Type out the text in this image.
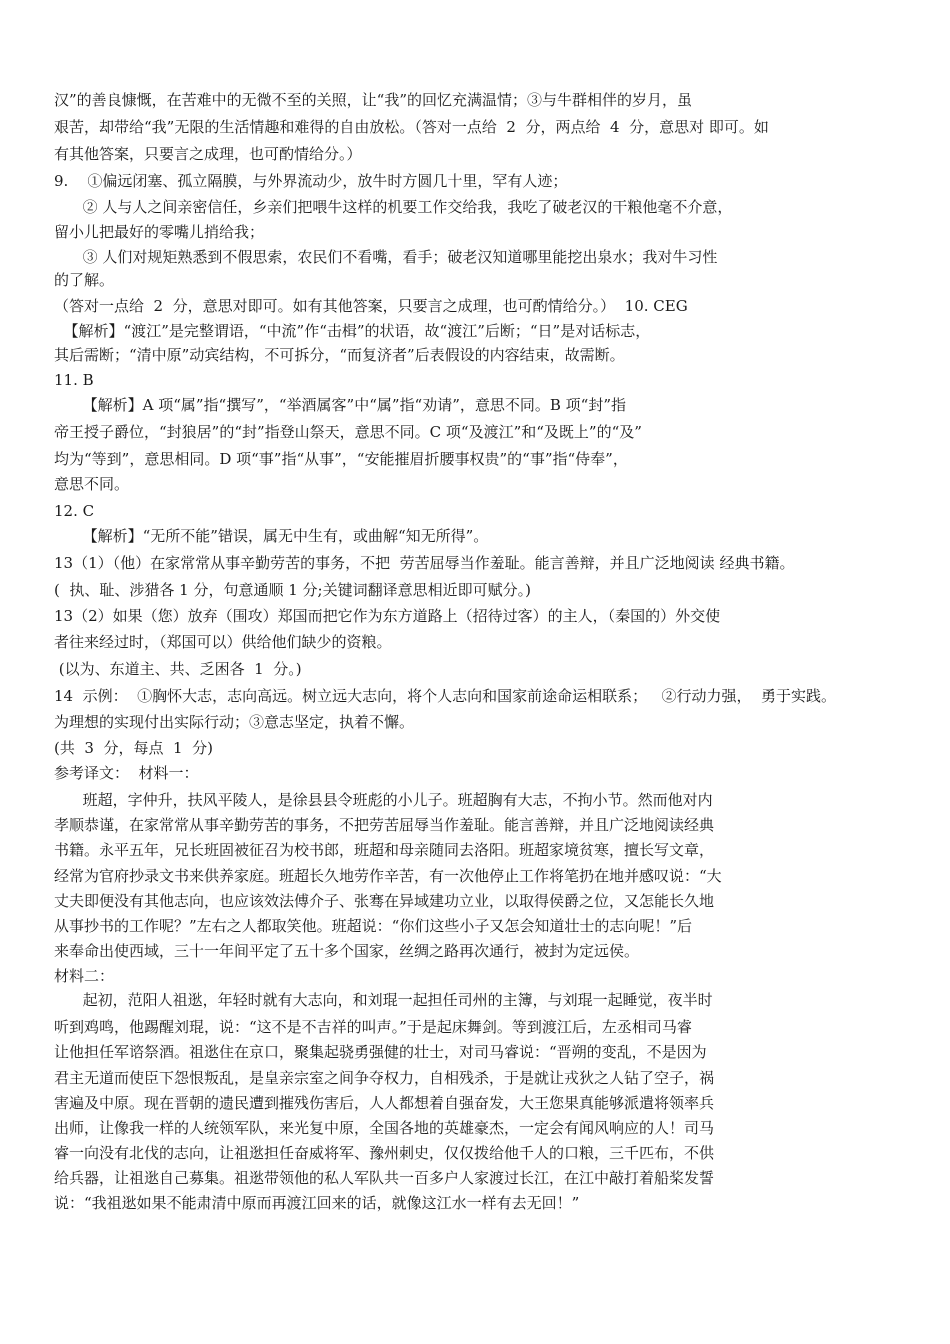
汉”的善良慷慨，在苦难中的无微不至的关照，让“我”的回忆充满温情；③与牛群相伴的岁月，虽
艰苦，却带给“我”无限的生活情趣和难得的自由放松。（答对一点给  2  分，两点给  4  分，意思对 即可。如
有其他答案，只要言之成理，也可酌情给分。）
9.    ①偏远闭塞、孤立隔膜，与外界流动少，放牛时方圆几十里，罕有人迹；
② 人与人之间亲密信任，乡亲们把喂牛这样的机要工作交给我，我吃了破老汉的干粮他毫不介意，
留小儿把最好的零嘴儿捎给我；
③ 人们对规矩熟悉到不假思索，农民们不看嘴，看手；破老汉知道哪里能挖出泉水；我对牛习性
的了解。
（答对一点给  2  分，意思对即可。如有其他答案，只要言之成理，也可酌情给分。）  10. CEG
【解析】“渡江”是完整谓语，“中流”作“击楫”的状语，故“渡江”后断；“日”是对话标志，
其后需断；“清中原”动宾结构，不可拆分，“而复济者”后表假设的内容结束，故需断。
11. B
【解析】A 项“属”指“撰写”，“举酒属客”中“属”指“劝请”，意思不同。B 项“封”指
帝王授子爵位，“封狼居”的“封”指登山祭天，意思不同。C 项“及渡江”和“及既上”的“及”
均为“等到”，意思相同。D 项“事”指“从事”，“安能摧眉折腰事权贵”的“事”指“侍奉”，
意思不同。
12. C
【解析】“无所不能”错误，属无中生有，或曲解“知无所得”。
13（1）（他）在家常常从事辛勤劳苦的事务，不把  劳苦屈辱当作羞耻。能言善辩，并且广泛地阅读 经典书籍。
(  执、耻、涉猎各 1 分，句意通顺 1 分;关键词翻译意思相近即可赋分。)
13（2）如果（您）放弃（围攻）郑国而把它作为东方道路上（招待过客）的主人，（秦国的）外交使
者往来经过时，（郑国可以）供给他们缺少的资粮。
(以为、东道主、共、乏困各  1  分。)
14  示例：  ①胸怀大志，志向高远。树立远大志向，将个人志向和国家前途命运相联系；   ②行动力强，  勇于实践。
为理想的实现付出实际行动；③意志坚定，执着不懈。
(共  3  分，每点  1  分)
参考译文：  材料一：
班超，字仲升，扶风平陵人，是徐县县令班彪的小儿子。班超胸有大志，不拘小节。然而他对内
孝顺恭谨，在家常常从事辛勤劳苦的事务，不把劳苦屈辱当作羞耻。能言善辩，并且广泛地阅读经典
书籍。永平五年，兄长班固被征召为校书郎，班超和母亲随同去洛阳。班超家境贫寒，擅长写文章，
经常为官府抄录文书来供养家庭。班超长久地劳作辛苦，有一次他停止工作将笔扔在地并感叹说：“大
丈夫即便没有其他志向，也应该效法傅介子、张骞在异域建功立业，以取得侯爵之位，又怎能长久地
从事抄书的工作呢？”左右之人都取笑他。班超说：“你们这些小子又怎会知道壮士的志向呢！”后
来奉命出使西域，三十一年间平定了五十多个国家，丝绸之路再次通行，被封为定远侯。
材料二：
起初，范阳人祖逖，年轻时就有大志向，和刘琨一起担任司州的主簿，与刘琨一起睡觉，夜半时
听到鸡鸣，他踢醒刘琨，说：“这不是不吉祥的叫声。”于是起床舞剑。等到渡江后，左丞相司马睿
让他担任军谘祭酒。祖逖住在京口，聚集起骁勇强健的壮士，对司马睿说：“晋朔的变乱，不是因为
君主无道而使臣下怨恨叛乱，是皇亲宗室之间争夺权力，自相残杀，于是就让戎狄之人钻了空子，祸
害遍及中原。现在晋朝的遗民遭到摧残伤害后，人人都想着自强奋发，大王您果真能够派遣将领率兵
出师，让像我一样的人统领军队，来光复中原，全国各地的英雄豪杰，一定会有闻风响应的人！司马
睿一向没有北伐的志向，让祖逖担任奋威将军、豫州刺史，仅仅拨给他千人的口粮，三千匹布，不供
给兵器，让祖逖自己募集。祖逖带领他的私人军队共一百多户人家渡过长江，在江中敲打着船桨发誓
说：“我祖逖如果不能肃清中原而再渡江回来的话，就像这江水一样有去无回！”
